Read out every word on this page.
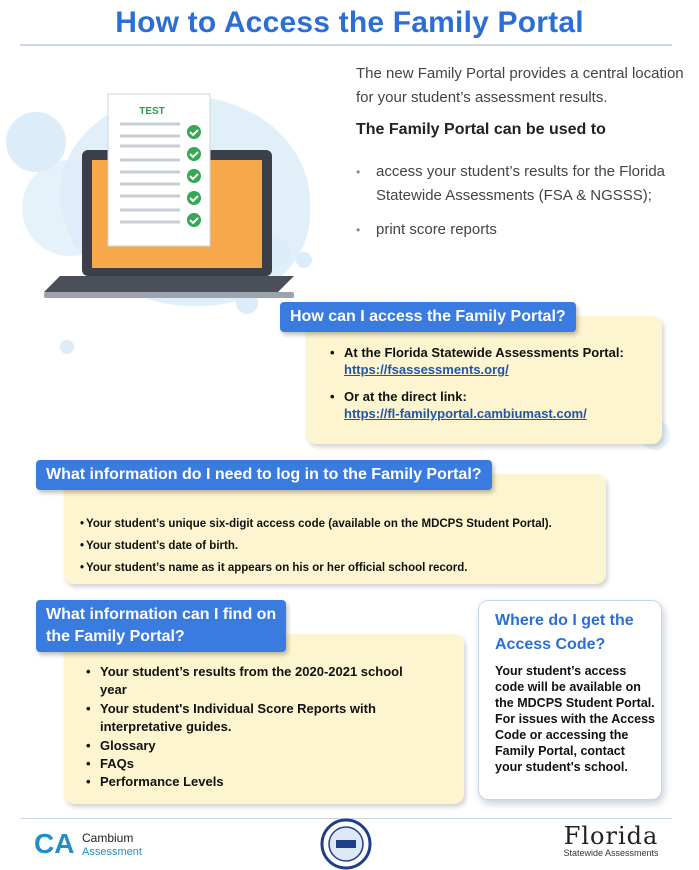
How to Access the Family Portal
TEST
The new Family Portal provides a central location for your student’s assessment results.
The Family Portal can be used to
• access your student’s results for the Florida Statewide Assessments (FSA & NGSSS);
• print score reports
How can I access the Family Portal?
• At the Florida Statewide Assessments Portal:
https://fsassessments.org/
• Or at the direct link:
https://fl-familyportal.cambiumast.com/
What information do I need to log in to the Family Portal?
• Your student’s unique six-digit access code (available on the MDCPS Student Portal).
• Your student’s date of birth.
• Your student’s name as it appears on his or her official school record.
What information can I find on
the Family Portal?
• Your student’s results from the 2020-2021 school year
• Your student's Individual Score Reports with interpretative guides.
• Glossary
• FAQs
• Performance Levels
Where do I get the Access Code?
Your student’s access code will be available on the MDCPS Student Portal. For issues with the Access Code or accessing the Family Portal, contact your student's school.
CA Cambium
Assessment
Florida
Statewide Assessments
